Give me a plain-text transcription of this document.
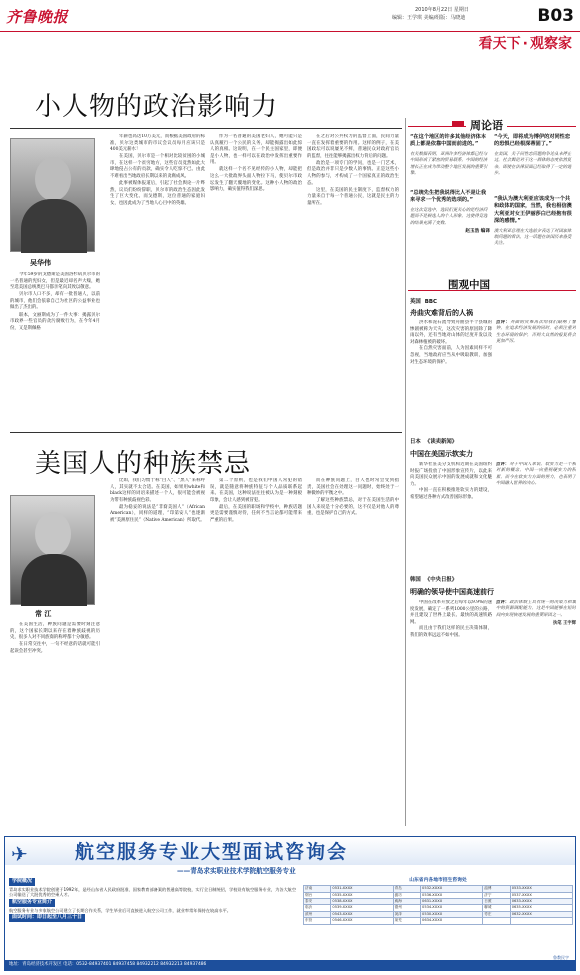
齐鲁晚报	2010年8月22日 星期日
编辑：王学琪 美编/组版：马晓迪	B03
看天下 · 观察家
小人物的政治影响力
吴华伟

今年59岁的戈德斯是美国洛杉矶贝尔市的一名普通的宪妇女，但是最近却名声大噪，她至选美国总统奥巴马都亲笔向其致以敬意。

贝尔市人口不多，却有一批普通人，以前的城市，他们会依靠自己为社区的公益事业也做出了杰出的。

联本，文丽斯成为了一件大事：揭露贝尔市政界一些官员的贪污腐败行为，在今年4月份，又是斯佩格

年薪也高达10万美元，而根据美国政府的标准，贝尔这类城市的市议会议员每月应该只是400美元薪水！

在美国，贝尔市是一个相对比较贫困的小城市，在这样一个贫穷地方，这些官员竟然如此大肆地侵占公有的贡款，确实令人吃惊不已。由此不难看出当地政府长期以来的贪腐成风。

此事被媒体报道后，引起了社会舆论一片哗然，议员们纷纷辞职，贝尔市的政治生态因此发生了巨大变化。而戈德斯，这位普通的家庭妇女，也因此成为了当地人心目中的英雄。

作为一名普通的美国老妇人，她可能只是认真履行一个公民的义务，却能揭露出如此惊人的真相。这说明，在一个民主国家里，即便是小人物，也一样可以在政治中发挥出重要作用。

就这样一个名不见经传的小人物，却能把这么一大批政界头面人物拉下马，使贝尔市政坛发生了翻天覆地的变化。这种小人物的政治影响力，确实值得我们深思。

在之后对公共权力的监督上面，民间力量一直在发挥着重要的作用。这样的例子，在美国政坛可以说屡见不鲜，普通民众对政府官员的监督，往往能够揭露出权力背后的问题。

政治是一项专门的学问，也是一门艺术，但是政治并非只是少数人的事情。正是这些小人物的参与，才构成了一个国家真正的政治生态。

这里，在美国的民主制度下，监督权力的力量来自于每一个普通公民，这就是民主的力量所在。

周论语
“在这个地区的许多其他经济体本质上都是依靠中国而前进的。”
有关数据表明，亚洲许多经济体都已经与中国形成了紧密的贸易联系，中国的经济增长正在成为带动整个地区发展的重要引擎。
“今天，即将成为博伊的对同性恋的恐惧已经根深蒂固了。”
在美国，关于同性恋问题的争论从未停止过，社会舆论对于这一群体的态度依然复杂，即使在法律层面已经取得了一定的进步。
“总统先生把我说得比人不是让我来寻求一个优秀的选项的。”
在这次竞选中，选民们更关心的是经济问题而不是候选人的个人形象，这使得竞选的结果充满了变数。
赵玉浩 编译
“我认为澳大利亚应该成为一个共和政体的国家，当然，我也相信澳大利亚对女王伊丽莎白已经抱有很深的感情。”
澳大利亚总理在大选前夕表达了对国家体制问题的看法，这一话题在该国历来备受关注。
围观中国
英国 BBC
舟曲灾难背后的人祸

洪水和泥石流导致舟曲县半个县城的惨剧被称为天灾，这次灾害的原因除了降雨以外，还有当地对山体的过度开发以及对森林植被的破坏。

在自然灾害面前，人为因素同样不可忽视，当地政府应当从中吸取教训，加强对生态环境的保护。

点评：舟曲的灾难再次给我们敲响了警钟，在追求经济发展的同时，必须注重对生态环境的保护，否则大自然的报复将会更加严厉。
日本 《读卖新闻》
中国在美国示软实力

新华社驻美分支机构近期在美国纽约时报广场投放了中国形象宣传片，以此来向美国民众展示中国的发展成就和文化魅力。

中国一直在积极推进软实力的建设，希望通过各种方式改善国际形象。

点评：对于中国人来说，软实力是一个相对新的概念，中国一向重视硬实力的积累，而今在软实力方面的努力，也表明了中国融入世界的决心。
韩国 《中央日报》
明确的领导使中国高速前行

中国在改革开放之后每年以9.9%的速度发展，确定了一系列1000公里的公路，并且建设了世界上最长、最快的高速铁路网。

而且由于我们这样的民主决策体制，我们的效率远远不如中国。

点评：政治体制上具有统一的决策力和集中的资源调配能力，这是中国能够在短时间内实现快速发展的重要原因之一。
执笔 王宇辉
美国人的种族禁忌
常 江

在美国生活，种族问题是需要时刻注意的，这个国家长期以来存在着种族歧视的历史，很多人对不同族裔的称呼都十分敏感。

在日常交往中，一句不经意的话就可能引起误会甚至冲突。

比如，我们习惯于称“白人”、“黑人”来称呼人，其实就不太合适。在美国，如果用white和black这样的词语来描述一个人，很可能会被视为带有种族歧视色彩。

最为稳妥的说法是“非裔美国人”（African American），同样的道理，“印第安人”也逐渐被“美洲原住民”（Native American）所取代。

第二个原则，也是我们中国人常犯的错误，就是随意将种族特征与个人品质联系起来。在美国，这种说法往往被认为是一种刻板印象，会让人感到被冒犯。

最后，在美国的职场和学校中，种族话题更是需要谨慎对待，任何不当言论都可能带来严重的后果。

而在种族问题上，白人也时常会受到指责，美国社会在处理这一问题时，始终处于一种微妙的平衡之中。

了解这些种族禁忌，对于在美国生活的中国人来说是十分必要的，这不仅是对他人的尊重，也是保护自己的方式。

✈ 航空服务专业大型面试咨询会
——青岛求实职业技术学院航空服务专业
学院概况
青岛求实职业技术学院创建于1992年，是经山东省人民政府批准、国家教育部备案的普通高等院校，实行全日制统招，学校设有航空服务专业，为各大航空公司输送了大批优秀的空乘人才。
航空服务专业简介
航空服务专业与多家航空公司建立了长期合作关系，学生毕业后可直接进入航空公司工作，就业率常年保持在较高水平。
面试时间：即日起至八月三十日
山东省内各地市招生咨询处
济南	0531-XXXX	青岛	0532-XXXX	淄博	0533-XXXX
烟台	0535-XXXX	潍坊	0536-XXXX	济宁	0537-XXXX
泰安	0538-XXXX	威海	0631-XXXX	日照	0633-XXXX
临沂	0539-XXXX	德州	0534-XXXX	聊城	0635-XXXX
滨州	0543-XXXX	菏泽	0530-XXXX	枣庄	0632-XXXX
东营	0546-XXXX	莱芜	0634-XXXX		
鲁教民字
地址：青岛经济技术开发区 电话：0532-84937401 84937458 84932212 84932213 84937486
